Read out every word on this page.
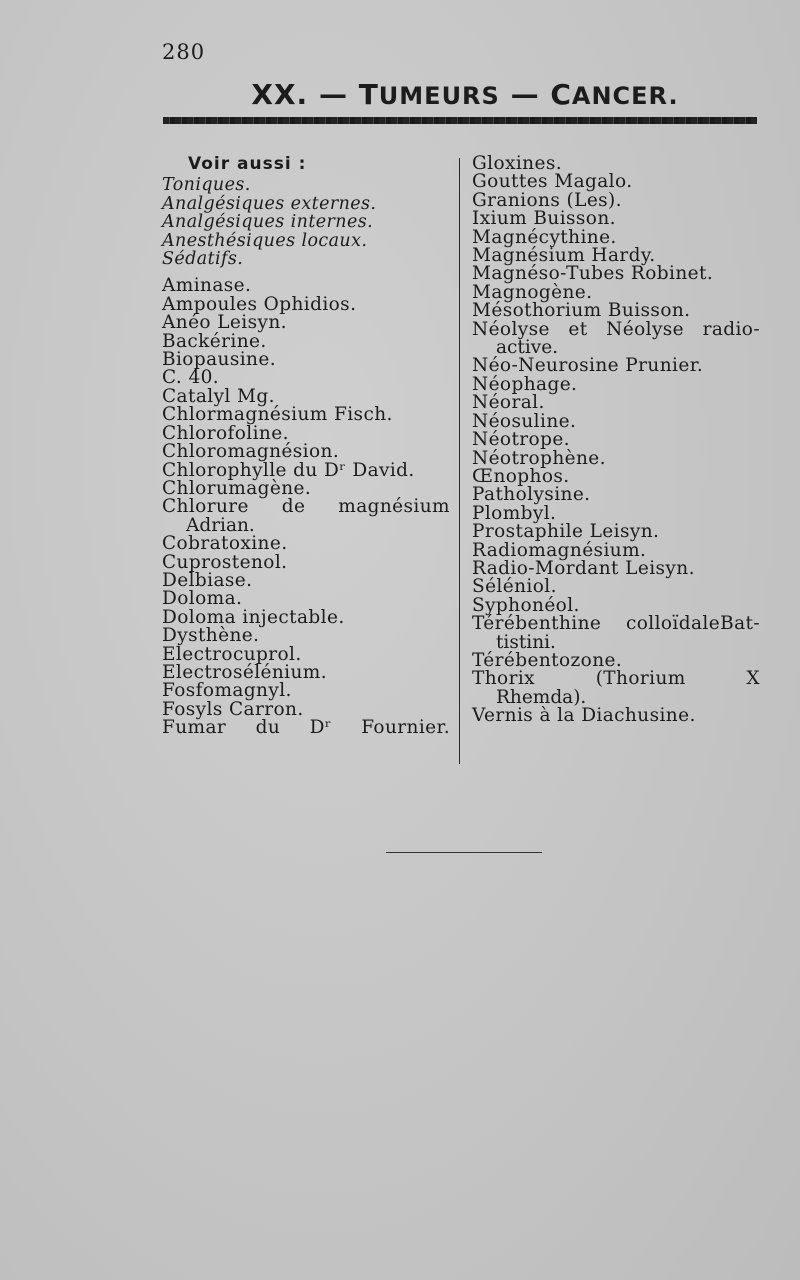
280
XX. — TUMEURS — CANCER.
Voir aussi :
Toniques.
Analgésiques externes.
Analgésiques internes.
Anesthésiques locaux.
Sédatifs.
Aminase.
Ampoules Ophidios.
Anéo Leisyn.
Backérine.
Biopausine.
C. 40.
Catalyl Mg.
Chlormagnésium Fisch.
Chlorofoline.
Chloromagnésion.
Chlorophylle du Dʳ David.
Chlorumagène.
Chlorure de magnésium
Adrian.
Cobratoxine.
Cuprostenol.
Delbiase.
Doloma.
Doloma injectable.
Dysthène.
Electrocuprol.
Electrosélénium.
Fosfomagnyl.
Fosyls Carron.
Fumar du Dʳ Fournier.
Gloxines.
Gouttes Magalo.
Granions (Les).
Ixium Buisson.
Magnécythine.
Magnésium Hardy.
Magnéso-Tubes Robinet.
Magnogène.
Mésothorium Buisson.
Néolyse et Néolyse radio-
active.
Néo-Neurosine Prunier.
Néophage.
Néoral.
Néosuline.
Néotrope.
Néotrophène.
Œnophos.
Patholysine.
Plombyl.
Prostaphile Leisyn.
Radiomagnésium.
Radio-Mordant Leisyn.
Séléniol.
Syphonéol.
Térébenthine colloïdaleBat-
tistini.
Térébentozone.
Thorix (Thorium X
Rhemda).
Vernis à la Diachusine.
